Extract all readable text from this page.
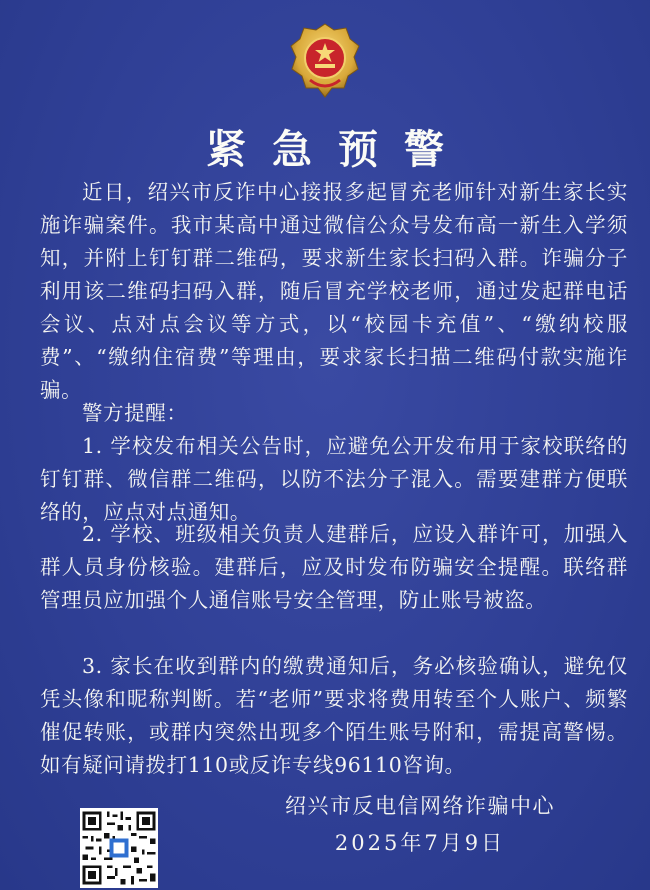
紧急预警
近日，绍兴市反诈中心接报多起冒充老师针对新生家长实施诈骗案件。我市某高中通过微信公众号发布高一新生入学须知，并附上钉钉群二维码，要求新生家长扫码入群。诈骗分子利用该二维码扫码入群，随后冒充学校老师，通过发起群电话会议、点对点会议等方式，以“校园卡充值”、“缴纳校服费”、“缴纳住宿费”等理由，要求家长扫描二维码付款实施诈骗。
警方提醒：
1. 学校发布相关公告时，应避免公开发布用于家校联络的钉钉群、微信群二维码，以防不法分子混入。需要建群方便联络的，应点对点通知。
2. 学校、班级相关负责人建群后，应设入群许可，加强入群人员身份核验。建群后，应及时发布防骗安全提醒。联络群管理员应加强个人通信账号安全管理，防止账号被盗。
3. 家长在收到群内的缴费通知后，务必核验确认，避免仅凭头像和昵称判断。若“老师”要求将费用转至个人账户、频繁催促转账，或群内突然出现多个陌生账号附和，需提高警惕。如有疑问请拨打110或反诈专线96110咨询。
绍兴市反电信网络诈骗中心
2025年7月9日
